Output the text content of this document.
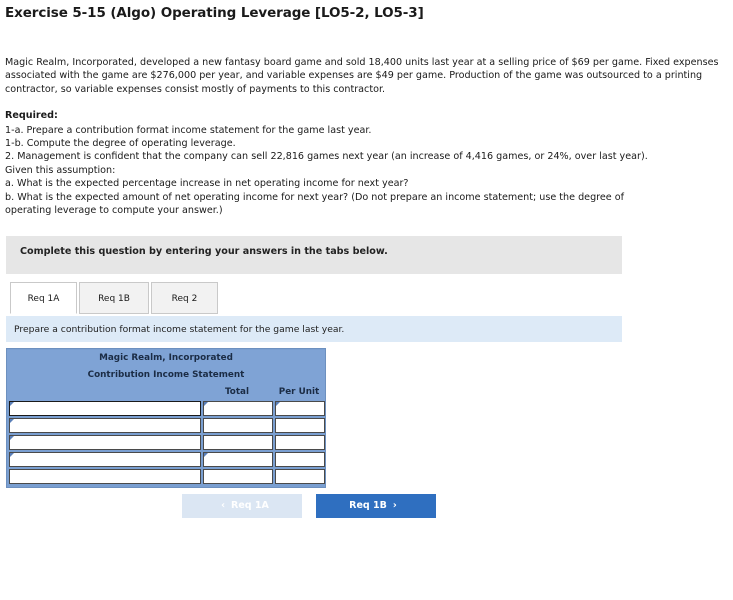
Exercise 5-15 (Algo) Operating Leverage [LO5-2, LO5-3]
Magic Realm, Incorporated, developed a new fantasy board game and sold 18,400 units last year at a selling price of $69 per game. Fixed expenses associated with the game are $276,000 per year, and variable expenses are $49 per game. Production of the game was outsourced to a printing contractor, so variable expenses consist mostly of payments to this contractor.
Required:
1-a. Prepare a contribution format income statement for the game last year.
1-b. Compute the degree of operating leverage.
2. Management is confident that the company can sell 22,816 games next year (an increase of 4,416 games, or 24%, over last year).
Given this assumption:
a. What is the expected percentage increase in net operating income for next year?
b. What is the expected amount of net operating income for next year? (Do not prepare an income statement; use the degree of
operating leverage to compute your answer.)
Complete this question by entering your answers in the tabs below.
Req 1A	Req 1B	Req 2
Prepare a contribution format income statement for the game last year.
Magic Realm, Incorporated
Contribution Income Statement
Total	Per Unit
‹ Req 1A	Req 1B ›
